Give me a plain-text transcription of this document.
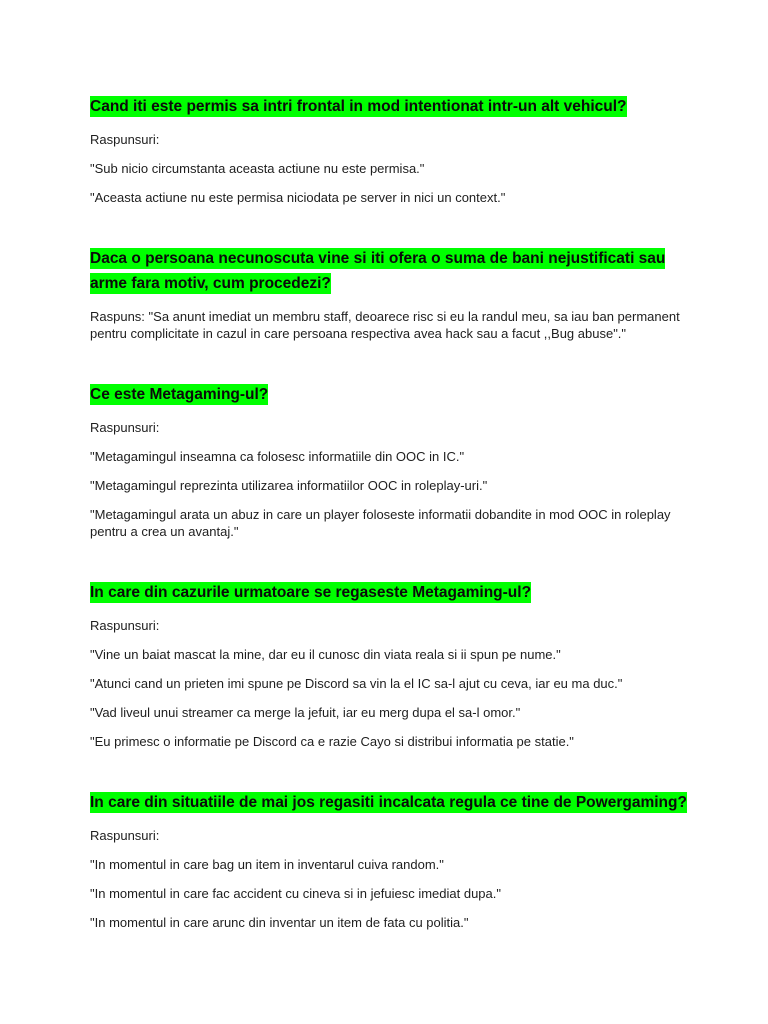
Cand iti este permis sa intri frontal in mod intentionat intr-un alt vehicul?
Raspunsuri:
"Sub nicio circumstanta aceasta actiune nu este permisa."
"Aceasta actiune nu este permisa niciodata pe server in nici un context."
Daca o persoana necunoscuta vine si iti ofera o suma de bani nejustificati sau arme fara motiv, cum procedezi?
Raspuns: "Sa anunt imediat un membru staff, deoarece risc si eu la randul meu, sa iau ban permanent pentru complicitate in cazul in care persoana respectiva avea hack sau a facut ,,Bug abuse"."
Ce este Metagaming-ul?
Raspunsuri:
"Metagamingul inseamna ca folosesc informatiile din OOC in IC."
"Metagamingul reprezinta utilizarea informatiilor OOC in roleplay-uri."
"Metagamingul arata un abuz in care un player foloseste informatii dobandite in mod OOC in roleplay pentru a crea un avantaj."
In care din cazurile urmatoare se regaseste Metagaming-ul?
Raspunsuri:
"Vine un baiat mascat la mine, dar eu il cunosc din viata reala si ii spun pe nume."
"Atunci cand un prieten imi spune pe Discord sa vin la el IC sa-l ajut cu ceva, iar eu ma duc."
"Vad liveul unui streamer ca merge la jefuit, iar eu merg dupa el sa-l omor."
"Eu primesc o informatie pe Discord ca e razie Cayo si distribui informatia pe statie."
In care din situatiile de mai jos regasiti incalcata regula ce tine de Powergaming?
Raspunsuri:
"In momentul in care bag un item in inventarul cuiva random."
"In momentul in care fac accident cu cineva si in jefuiesc imediat dupa."
"In momentul in care arunc din inventar un item de fata cu politia."
